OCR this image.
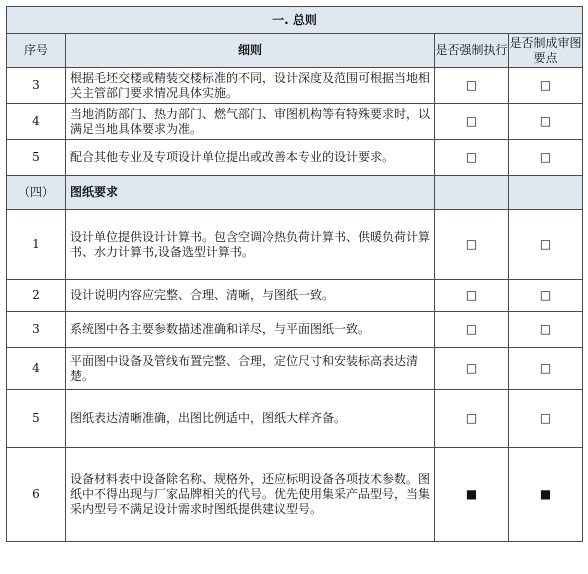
一. 总则			
序号	细则	是否强制执行	是否制成审图要点
3	根据毛坯交楼或精装交楼标准的不同，设计深度及范围可根据当地相关主管部门要求情况具体实施。	□	□
4	当地消防部门、热力部门、燃气部门、审图机构等有特殊要求时，以满足当地具体要求为准。	□	□
5	配合其他专业及专项设计单位提出或改善本专业的设计要求。	□	□
（四）	图纸要求		
1	设计单位提供设计计算书。包含空调冷热负荷计算书、供暖负荷计算书、水力计算书,设备选型计算书。	□	□
2	设计说明内容应完整、合理、清晰，与图纸一致。	□	□
3	系统图中各主要参数描述准确和详尽，与平面图纸一致。	□	□
4	平面图中设备及管线布置完整、合理，定位尺寸和安装标高表达清楚。	□	□
5	图纸表达清晰准确，出图比例适中，图纸大样齐备。	□	□
6	设备材料表中设备除名称、规格外，还应标明设备各项技术参数。图纸中不得出现与厂家品牌相关的代号。优先使用集采产品型号，当集采内型号不满足设计需求时图纸提供建议型号。	■	■
